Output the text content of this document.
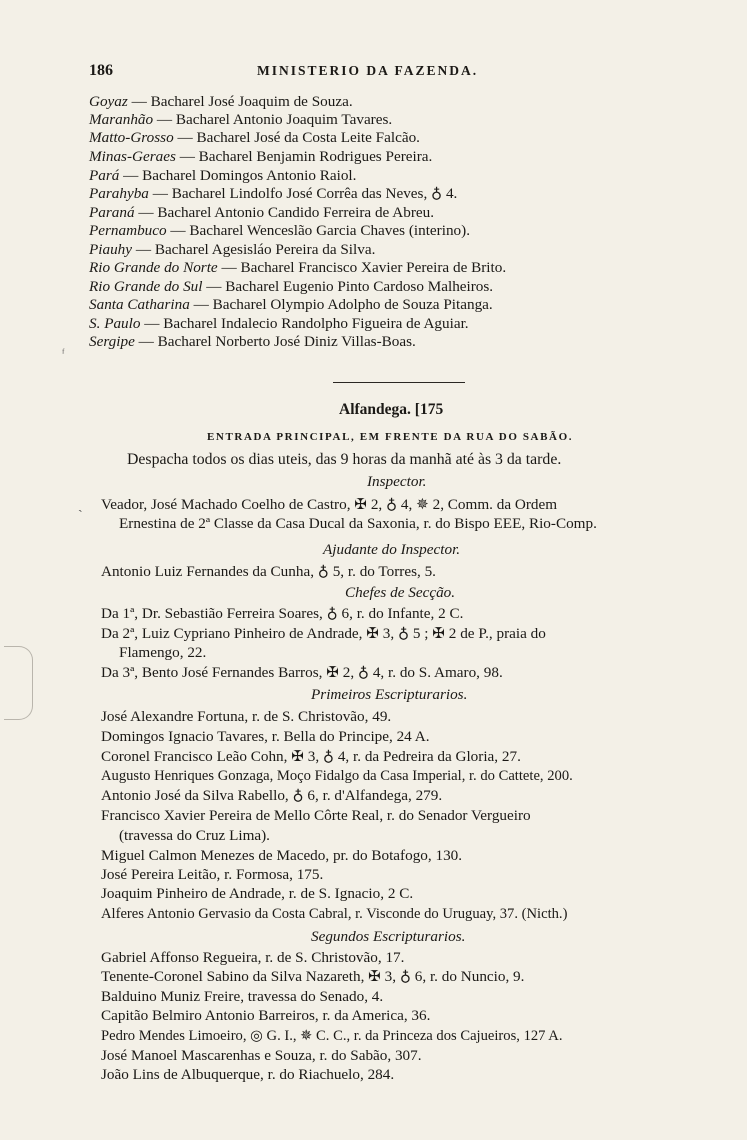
186	MINISTERIO DA FAZENDA.
ᶠ
ˏ
Goyaz — Bacharel José Joaquim de Souza.
Maranhão — Bacharel Antonio Joaquim Tavares.
Matto-Grosso — Bacharel José da Costa Leite Falcão.
Minas-Geraes — Bacharel Benjamin Rodrigues Pereira.
Pará — Bacharel Domingos Antonio Raiol.
Parahyba — Bacharel Lindolfo José Corrêa das Neves, ♁ 4.
Paraná — Bacharel Antonio Candido Ferreira de Abreu.
Pernambuco — Bacharel Wenceslão Garcia Chaves (interino).
Piauhy — Bacharel Agesisláo Pereira da Silva.
Rio Grande do Norte — Bacharel Francisco Xavier Pereira de Brito.
Rio Grande do Sul — Bacharel Eugenio Pinto Cardoso Malheiros.
Santa Catharina — Bacharel Olympio Adolpho de Souza Pitanga.
S. Paulo — Bacharel Indalecio Randolpho Figueira de Aguiar.
Sergipe — Bacharel Norberto José Diniz Villas-Boas.
Alfandega. [175
ENTRADA PRINCIPAL, EM FRENTE DA RUA DO SABÃO.
Despacha todos os dias uteis, das 9 horas da manhã até às 3 da tarde.
Inspector.
Veador, José Machado Coelho de Castro, ✠ 2, ♁ 4, ✵ 2, Comm. da Ordem
Ernestina de 2ª Classe da Casa Ducal da Saxonia, r. do Bispo EEE, Rio-Comp.
Ajudante do Inspector.
Antonio Luiz Fernandes da Cunha, ♁ 5, r. do Torres, 5.
Chefes de Secção.
Da 1ª, Dr. Sebastião Ferreira Soares, ♁ 6, r. do Infante, 2 C.
Da 2ª, Luiz Cypriano Pinheiro de Andrade, ✠ 3, ♁ 5 ; ✠ 2 de P., praia do
Flamengo, 22.
Da 3ª, Bento José Fernandes Barros, ✠ 2, ♁ 4, r. do S. Amaro, 98.
Primeiros Escripturarios.
José Alexandre Fortuna, r. de S. Christovão, 49.
Domingos Ignacio Tavares, r. Bella do Principe, 24 A.
Coronel Francisco Leão Cohn, ✠ 3, ♁ 4, r. da Pedreira da Gloria, 27.
Augusto Henriques Gonzaga, Moço Fidalgo da Casa Imperial, r. do Cattete, 200.
Antonio José da Silva Rabello, ♁ 6, r. d'Alfandega, 279.
Francisco Xavier Pereira de Mello Côrte Real, r. do Senador Vergueiro
(travessa do Cruz Lima).
Miguel Calmon Menezes de Macedo, pr. do Botafogo, 130.
José Pereira Leitão, r. Formosa, 175.
Joaquim Pinheiro de Andrade, r. de S. Ignacio, 2 C.
Alferes Antonio Gervasio da Costa Cabral, r. Visconde do Uruguay, 37. (Nicth.)
Segundos Escripturarios.
Gabriel Affonso Regueira, r. de S. Christovão, 17.
Tenente-Coronel Sabino da Silva Nazareth, ✠ 3, ♁ 6, r. do Nuncio, 9.
Balduino Muniz Freire, travessa do Senado, 4.
Capitão Belmiro Antonio Barreiros, r. da America, 36.
Pedro Mendes Limoeiro, ◎ G. I., ✵ C. C., r. da Princeza dos Cajueiros, 127 A.
José Manoel Mascarenhas e Souza, r. do Sabão, 307.
João Lins de Albuquerque, r. do Riachuelo, 284.
